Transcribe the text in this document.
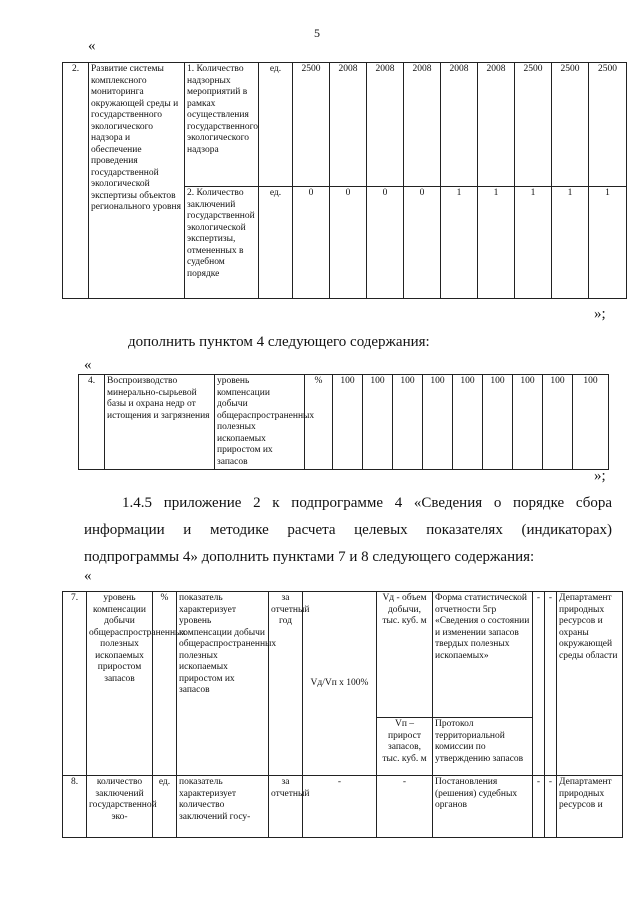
5
«
2.	Развитие системы комплексного мониторинга окружающей среды и государственного экологического надзора и обеспечение проведения государственной экологической экспертизы объектов регионального уровня	1. Количество надзорных мероприятий в рамках осуществления государственного экологического надзора	ед.	2500	2008	2008	2008	2008	2008	2500	2500	2500
		2. Количество заключений государственной экологической экспертизы, отмененных в судебном порядке	ед.	0	0	0	0	1	1	1	1	1
»;
дополнить пунктом 4 следующего содержания:
«
4.	Воспроизводство минерально-сырьевой базы и охрана недр от истощения и загрязнения	уровень компенсации добычи общераспространенных полезных ископаемых приростом их запасов	%	100	100	100	100	100	100	100	100	100
»;
1.4.5 приложение 2 к подпрограмме 4 «Сведения о порядке сбора информации и методике расчета целевых показателях (индикаторах) подпрограммы 4» дополнить пунктами 7 и 8 следующего содержания:
«
7.	уровень компенсации добычи общераспространенных полезных ископаемых приростом запасов	%	показатель характеризует уровень компенсации добычи общераспространенных полезных ископаемых приростом их запасов	за отчетный год	Vд/Vп x 100%	Vд - объем добычи, тыс. куб. м	Форма статистической отчетности 5гр «Сведения о состоянии и изменении запасов твердых полезных ископаемых»	-	-	Департамент природных ресурсов и охраны окружающей среды области
						Vп – прирост запасов, тыс. куб. м	Протокол территориальной комиссии по утверждению запасов			
8.	количество заключений государственной эко-	ед.	показатель характеризует количество заключений госу-	за отчетный	-	-	Постановления (решения) судебных органов	-	-	Департамент природных ресурсов и
